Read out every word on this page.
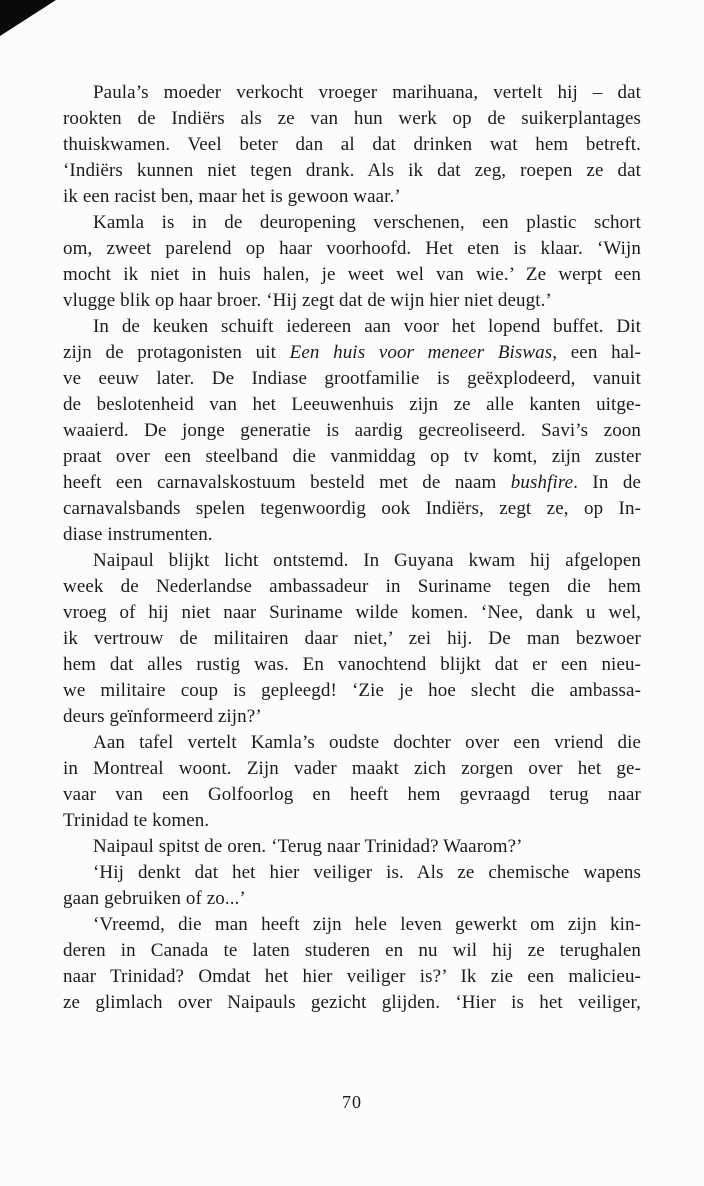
Paula’s moeder verkocht vroeger marihuana, vertelt hij – dat
rookten de Indiërs als ze van hun werk op de suikerplantages
thuiskwamen. Veel beter dan al dat drinken wat hem betreft.
‘Indiërs kunnen niet tegen drank. Als ik dat zeg, roepen ze dat
ik een racist ben, maar het is gewoon waar.’
Kamla is in de deuropening verschenen, een plastic schort
om, zweet parelend op haar voorhoofd. Het eten is klaar. ‘Wijn
mocht ik niet in huis halen, je weet wel van wie.’ Ze werpt een
vlugge blik op haar broer. ‘Hij zegt dat de wijn hier niet deugt.’
In de keuken schuift iedereen aan voor het lopend buffet. Dit
zijn de protagonisten uit Een huis voor meneer Biswas, een hal-
ve eeuw later. De Indiase grootfamilie is geëxplodeerd, vanuit
de beslotenheid van het Leeuwenhuis zijn ze alle kanten uitge-
waaierd. De jonge generatie is aardig gecreoliseerd. Savi’s zoon
praat over een steelband die vanmiddag op tv komt, zijn zuster
heeft een carnavalskostuum besteld met de naam bushfire. In de
carnavalsbands spelen tegenwoordig ook Indiërs, zegt ze, op In-
diase instrumenten.
Naipaul blijkt licht ontstemd. In Guyana kwam hij afgelopen
week de Nederlandse ambassadeur in Suriname tegen die hem
vroeg of hij niet naar Suriname wilde komen. ‘Nee, dank u wel,
ik vertrouw de militairen daar niet,’ zei hij. De man bezwoer
hem dat alles rustig was. En vanochtend blijkt dat er een nieu-
we militaire coup is gepleegd! ‘Zie je hoe slecht die ambassa-
deurs geïnformeerd zijn?’
Aan tafel vertelt Kamla’s oudste dochter over een vriend die
in Montreal woont. Zijn vader maakt zich zorgen over het ge-
vaar van een Golfoorlog en heeft hem gevraagd terug naar
Trinidad te komen.
Naipaul spitst de oren. ‘Terug naar Trinidad? Waarom?’
‘Hij denkt dat het hier veiliger is. Als ze chemische wapens
gaan gebruiken of zo...’
‘Vreemd, die man heeft zijn hele leven gewerkt om zijn kin-
deren in Canada te laten studeren en nu wil hij ze terughalen
naar Trinidad? Omdat het hier veiliger is?’ Ik zie een malicieu-
ze glimlach over Naipauls gezicht glijden. ‘Hier is het veiliger,
70
